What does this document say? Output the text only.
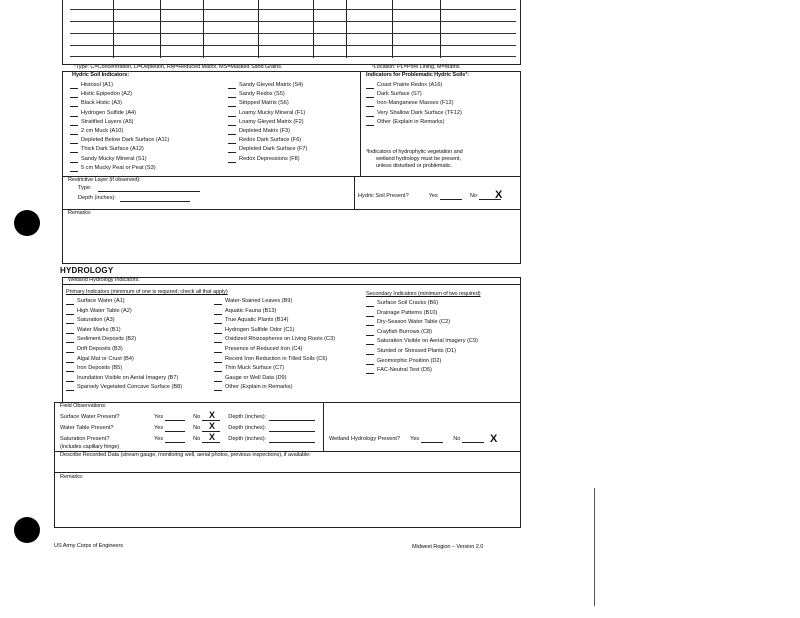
¹Type: C=Concentration, D=Depletion, RM=Reduced Matrix, MS=Masked Sand Grains.	²Location: PL=Pore Lining, M=Matrix.
Hydric Soil Indicators:	Indicators for Problematic Hydric Soils³:
Histosol (A1)
Histic Epipedon (A2)
Black Histic (A3)
Hydrogen Sulfide (A4)
Stratified Layers (A5)
2 cm Muck (A10)
Depleted Below Dark Surface (A11)
Thick Dark Surface (A12)
Sandy Mucky Mineral (S1)
5 cm Mucky Peat or Peat (S3)
Sandy Gleyed Matrix (S4)
Sandy Redox (S5)
Stripped Matrix (S6)
Loamy Mucky Mineral (F1)
Loamy Gleyed Matrix (F2)
Depleted Matrix (F3)
Redox Dark Surface (F6)
Depleted Dark Surface (F7)
Redox Depressions (F8)
Coast Prairie Redox (A16)
Dark Surface (S7)
Iron-Manganese Masses (F12)
Very Shallow Dark Surface (TF12)
Other (Explain in Remarks)
³Indicators of hydrophytic vegetation and
wetland hydrology must be present,
unless disturbed or problematic.
Restrictive Layer (if observed):
Type:
Depth (inches):	Hydric Soil Present?	Yes	No X
Remarks:
HYDROLOGY
Wetland Hydrology Indicators:
Primary Indicators (minimum of one is required; check all that apply)	Secondary Indicators (minimum of two required)
Surface Water (A1)
High Water Table (A2)
Saturation (A3)
Water Marks (B1)
Sediment Deposits (B2)
Drift Deposits (B3)
Algal Mat or Crust (B4)
Iron Deposits (B5)
Inundation Visible on Aerial Imagery (B7)
Sparsely Vegetated Concave Surface (B8)
Water-Stained Leaves (B9)
Aquatic Fauna (B13)
True Aquatic Plants (B14)
Hydrogen Sulfide Odor (C1)
Oxidized Rhizospheres on Living Roots (C3)
Presence of Reduced Iron (C4)
Recent Iron Reduction in Tilled Soils (C6)
Thin Muck Surface (C7)
Gauge or Well Data (D9)
Other (Explain in Remarks)
Surface Soil Cracks (B6)
Drainage Patterns (B10)
Dry-Season Water Table (C2)
Crayfish Burrows (C8)
Saturation Visible on Aerial Imagery (C9)
Stunted or Stressed Plants (D1)
Geomorphic Position (D2)
FAC-Neutral Test (D5)
Field Observations:
Surface Water Present?	Yes	No	Depth (inches):
X
Water Table Present?	Yes	No	Depth (inches):
X
Saturation Present?	Yes	No	Depth (inches):
X
(includes capillary fringe)
Wetland Hydrology Present? Yes	No	X
Describe Recorded Data (stream gauge, monitoring well, aerial photos, previous inspections), if available:
Remarks:
US Army Corps of Engineers	Midwest Region – Version 2.0
